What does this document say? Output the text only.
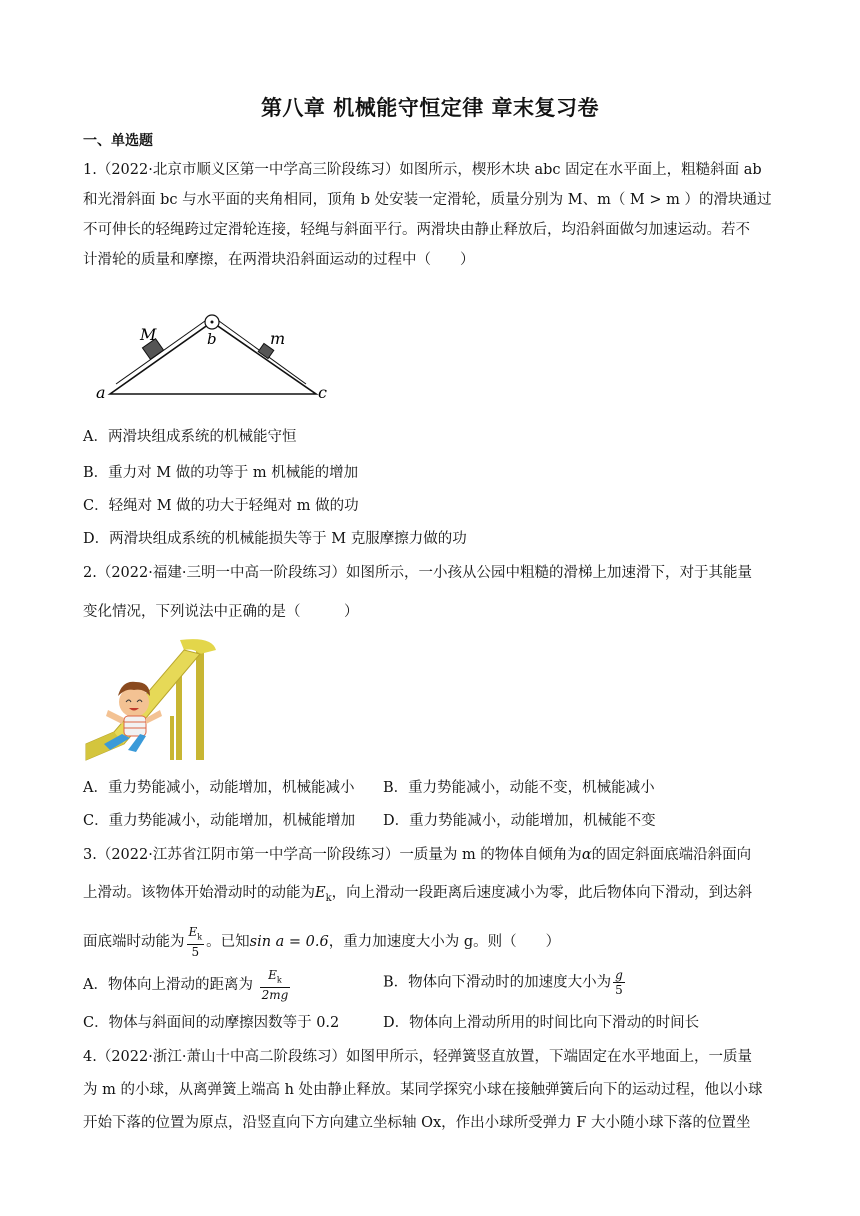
第八章 机械能守恒定律 章末复习卷
一、单选题
1.（2022·北京市顺义区第一中学高三阶段练习）如图所示，楔形木块 abc 固定在水平面上，粗糙斜面 ab
和光滑斜面 bc 与水平面的夹角相同，顶角 b 处安装一定滑轮，质量分别为 M、m（ M > m ）的滑块通过
不可伸长的轻绳跨过定滑轮连接，轻绳与斜面平行。两滑块由静止释放后，均沿斜面做匀加速运动。若不
计滑轮的质量和摩擦，在两滑块沿斜面运动的过程中（　　）
M	m
b
a	c
A．两滑块组成系统的机械能守恒
B．重力对 M 做的功等于 m 机械能的增加
C．轻绳对 M 做的功大于轻绳对 m 做的功
D．两滑块组成系统的机械能损失等于 M 克服摩擦力做的功
2.（2022·福建·三明一中高一阶段练习）如图所示，一小孩从公园中粗糙的滑梯上加速滑下，对于其能量
变化情况，下列说法中正确的是（　　　）
A．重力势能减小，动能增加，机械能减小 B．重力势能减小，动能不变，机械能减小
C．重力势能减小，动能增加，机械能增加 D．重力势能减小，动能增加，机械能不变
3.（2022·江苏省江阴市第一中学高一阶段练习）一质量为 m 的物体自倾角为α的固定斜面底端沿斜面向
上滑动。该物体开始滑动时的动能为$E_k$，向上滑动一段距离后速度减小为零，此后物体向下滑动，到达斜
面底端时动能为 $\frac{E_k}{5}$ 。已知sin a = 0.6，重力加速度大小为 g。则（　　）
A．物体向上滑动的距离为 $\frac{E_k}{2mg}$	B．物体向下滑动时的加速度大小为 $\frac{g}{5}$
C．物体与斜面间的动摩擦因数等于 0.2	D．物体向上滑动所用的时间比向下滑动的时间长
4.（2022·浙江·萧山十中高二阶段练习）如图甲所示，轻弹簧竖直放置，下端固定在水平地面上，一质量
为 m 的小球，从离弹簧上端高 h 处由静止释放。某同学探究小球在接触弹簧后向下的运动过程，他以小球
开始下落的位置为原点，沿竖直向下方向建立坐标轴 Ox，作出小球所受弹力 F 大小随小球下落的位置坐
